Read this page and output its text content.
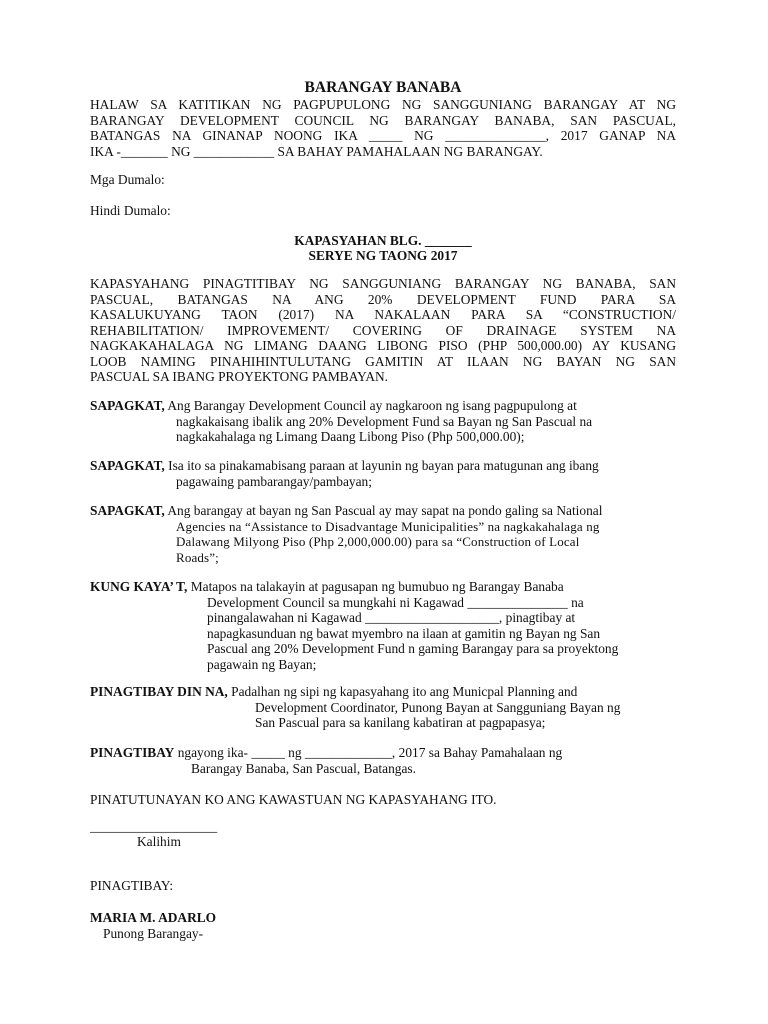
BARANGAY BANABA
HALAW SA KATITIKAN NG PAGPUPULONG NG SANGGUNIANG BARANGAY AT NG
BARANGAY DEVELOPMENT COUNCIL NG BARANGAY BANABA, SAN PASCUAL,
BATANGAS NA GINANAP NOONG IKA _____ NG _______________, 2017 GANAP NA
IKA -_______ NG ____________ SA BAHAY PAMAHALAAN NG BARANGAY.
Mga Dumalo:
Hindi Dumalo:
KAPASYAHAN BLG. _______
SERYE NG TAONG 2017
KAPASYAHANG PINAGTITIBAY NG SANGGUNIANG BARANGAY NG BANABA, SAN
PASCUAL, BATANGAS NA ANG 20% DEVELOPMENT FUND PARA SA
KASALUKUYANG TAON (2017) NA NAKALAAN PARA SA “CONSTRUCTION/
REHABILITATION/ IMPROVEMENT/ COVERING OF DRAINAGE SYSTEM NA
NAGKAKAHALAGA NG LIMANG DAANG LIBONG PISO (PHP 500,000.00) AY KUSANG
LOOB NAMING PINAHIHINTULUTANG GAMITIN AT ILAAN NG BAYAN NG SAN
PASCUAL SA IBANG PROYEKTONG PAMBAYAN.
SAPAGKAT, Ang Barangay Development Council ay nagkaroon ng isang pagpupulong at
nagkakaisang ibalik ang 20% Development Fund sa Bayan ng San Pascual na
nagkakahalaga ng Limang Daang Libong Piso (Php 500,000.00);
SAPAGKAT, Isa ito sa pinakamabisang paraan at layunin ng bayan para matugunan ang ibang
pagawaing pambarangay/pambayan;
SAPAGKAT, Ang barangay at bayan ng San Pascual ay may sapat na pondo galing sa National
Agencies na “Assistance to Disadvantage Municipalities” na nagkakahalaga ng
Dalawang Milyong Piso (Php 2,000,000.00) para sa “Construction of Local
Roads”;
KUNG KAYA’ T, Matapos na talakayin at pagusapan ng bumubuo ng Barangay Banaba
Development Council sa mungkahi ni Kagawad _______________ na
pinangalawahan ni Kagawad ____________________, pinagtibay at
napagkasunduan ng bawat myembro na ilaan at gamitin ng Bayan ng San
Pascual ang 20% Development Fund n gaming Barangay para sa proyektong
pagawain ng Bayan;
PINAGTIBAY DIN NA, Padalhan ng sipi ng kapasyahang ito ang Municpal Planning and
Development Coordinator, Punong Bayan at Sangguniang Bayan ng
San Pascual para sa kanilang kabatiran at pagpapasya;
PINAGTIBAY ngayong ika- _____ ng _____________, 2017 sa Bahay Pamahalaan ng
Barangay Banaba, San Pascual, Batangas.
PINATUTUNAYAN KO ANG KAWASTUAN NG KAPASYAHANG ITO.
___________________
Kalihim
PINAGTIBAY:
MARIA M. ADARLO
Punong Barangay-
